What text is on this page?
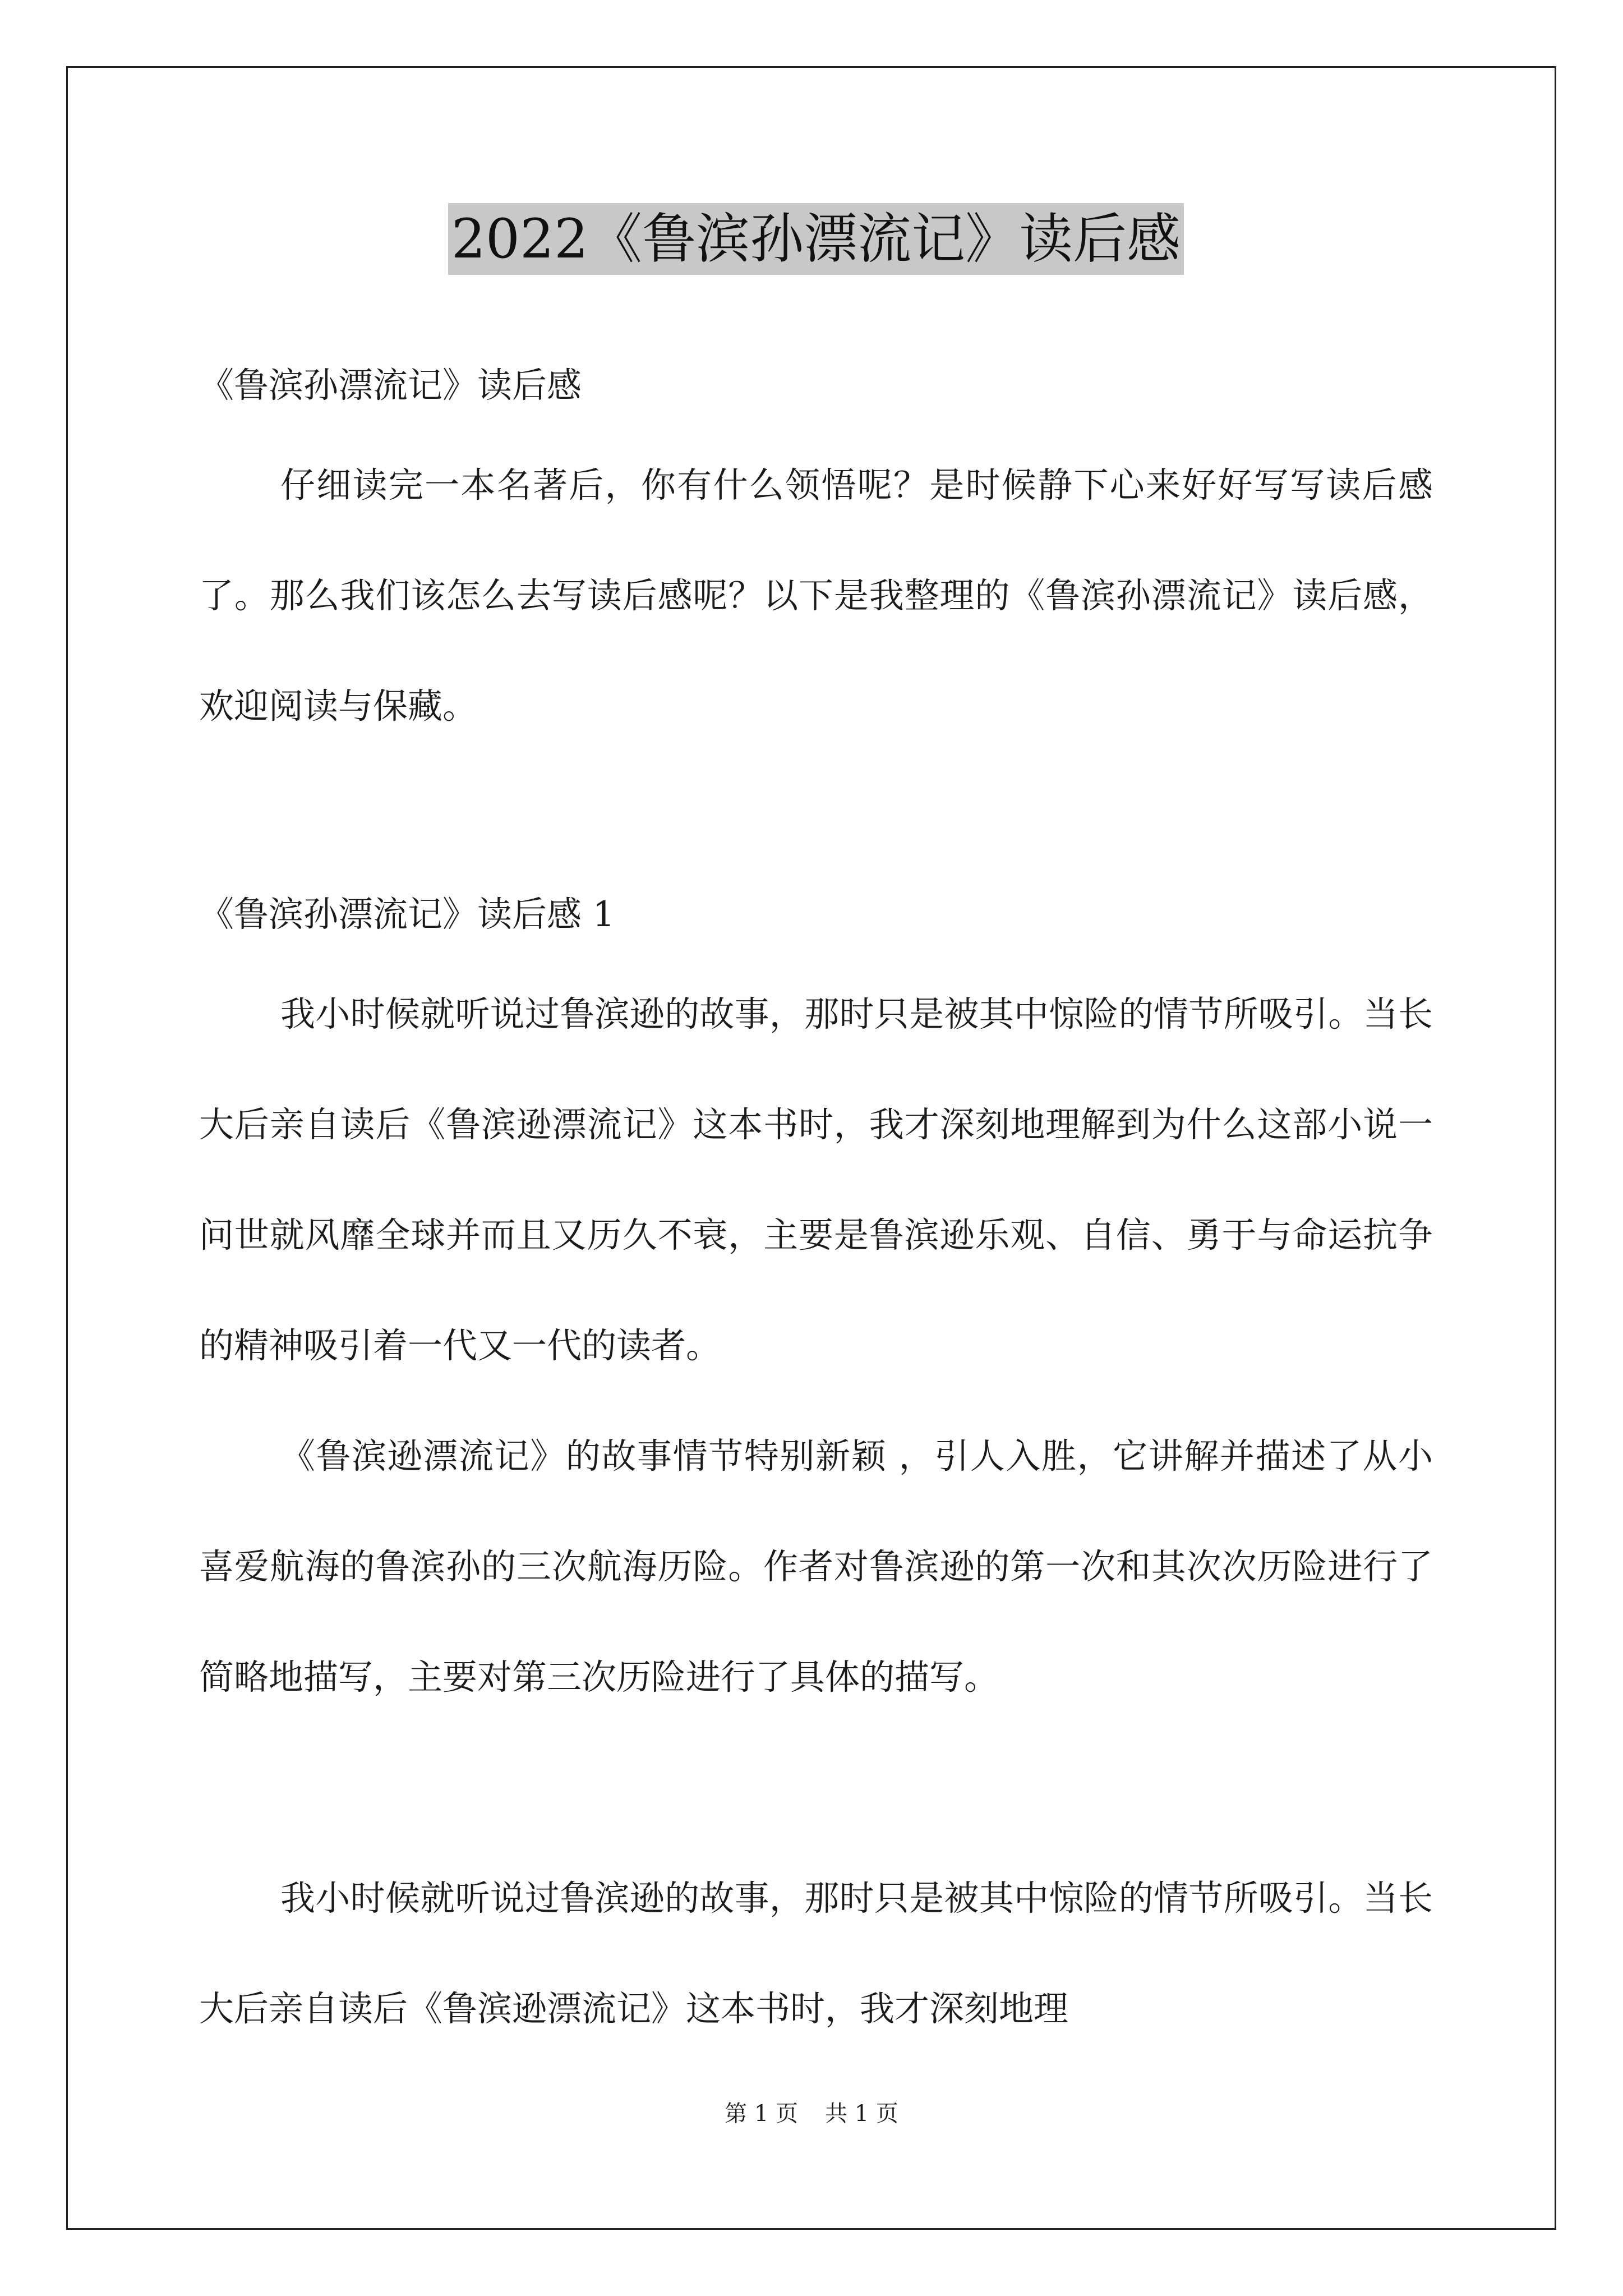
2022《鲁滨孙漂流记》读后感

《鲁滨孙漂流记》读后感

仔细读完一本名著后，你有什么领悟呢？是时候静下心来好好写写读后感了。那么我们该怎么去写读后感呢？以下是我整理的《鲁滨孙漂流记》读后感，欢迎阅读与保藏。

《鲁滨孙漂流记》读后感 1

我小时候就听说过鲁滨逊的故事，那时只是被其中惊险的情节所吸引。当长大后亲自读后《鲁滨逊漂流记》这本书时，我才深刻地理解到为什么这部小说一问世就风靡全球并而且又历久不衰，主要是鲁滨逊乐观、自信、勇于与命运抗争的精神吸引着一代又一代的读者。

《鲁滨逊漂流记》的故事情节特别新颖 ，引人入胜，它讲解并描述了从小喜爱航海的鲁滨孙的三次航海历险。作者对鲁滨逊的第一次和其次次历险进行了简略地描写，主要对第三次历险进行了具体的描写。

我小时候就听说过鲁滨逊的故事，那时只是被其中惊险的情节所吸引。当长大后亲自读后《鲁滨逊漂流记》这本书时，我才深刻地理

第 1 页 共 1 页
